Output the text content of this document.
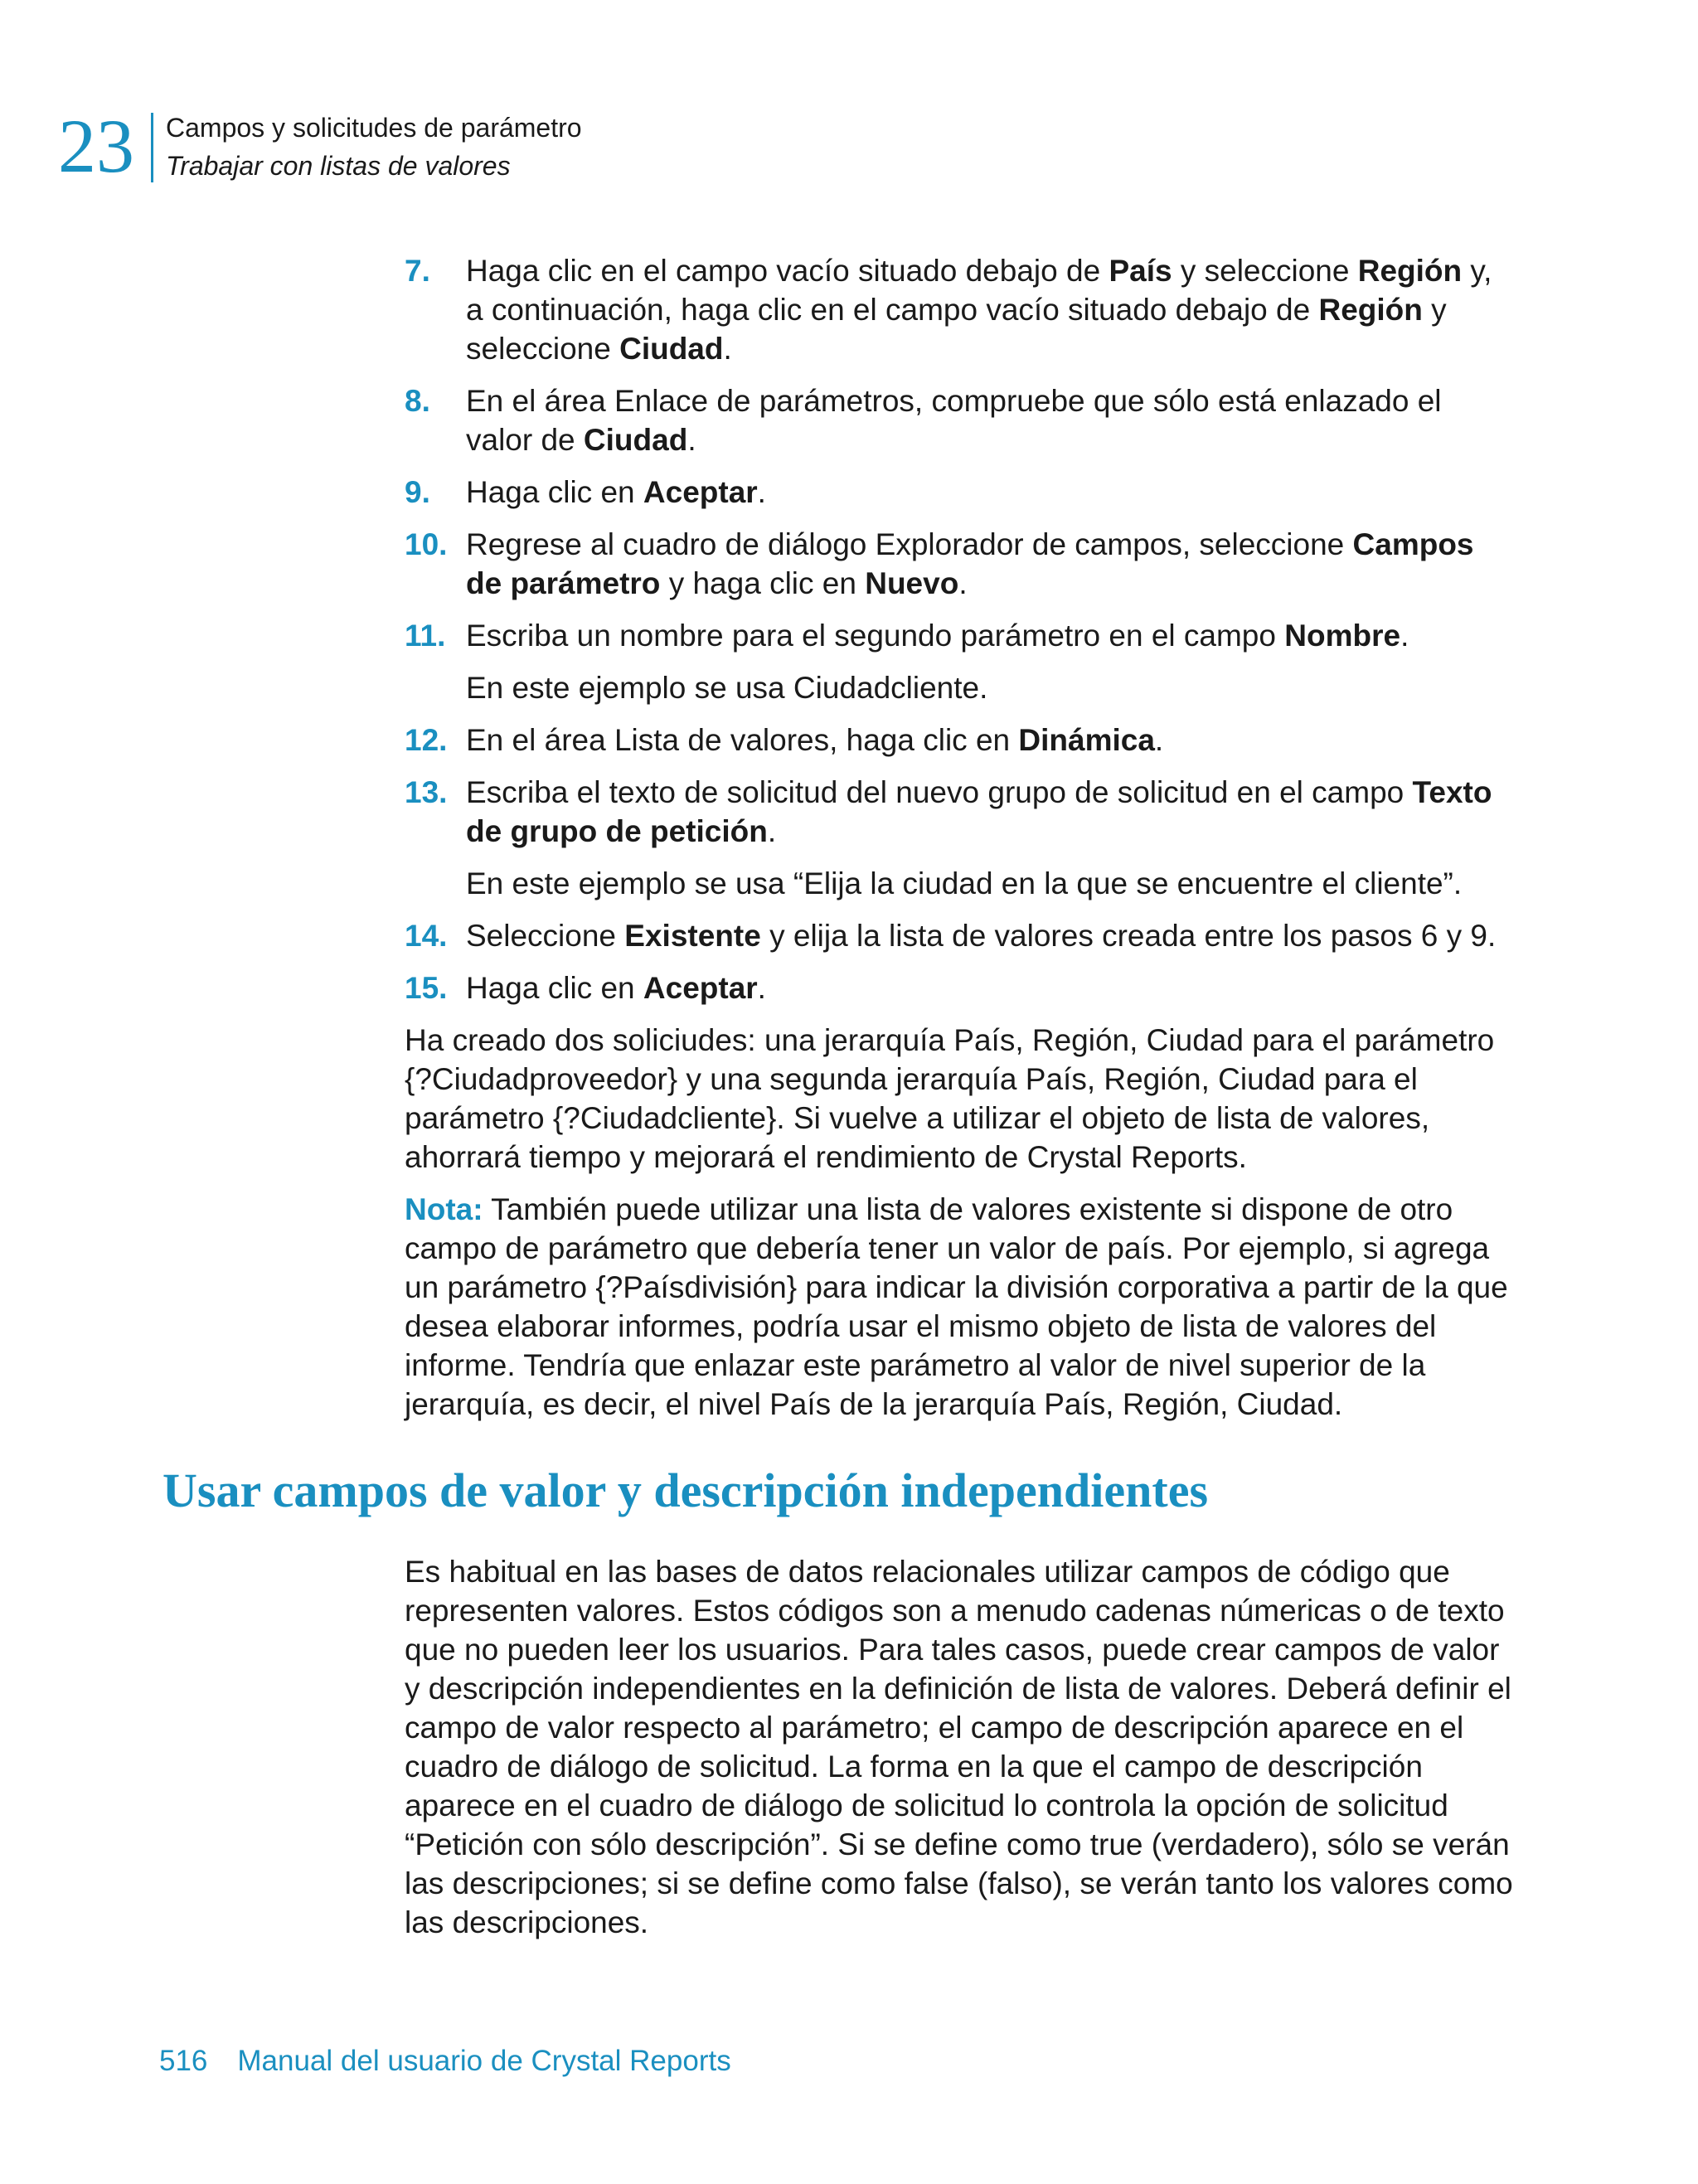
23 Campos y solicitudes de parámetro
Trabajar con listas de valores
7. Haga clic en el campo vacío situado debajo de País y seleccione Región y, a continuación, haga clic en el campo vacío situado debajo de Región y seleccione Ciudad.
8. En el área Enlace de parámetros, compruebe que sólo está enlazado el valor de Ciudad.
9. Haga clic en Aceptar.
10. Regrese al cuadro de diálogo Explorador de campos, seleccione Campos de parámetro y haga clic en Nuevo.
11. Escriba un nombre para el segundo parámetro en el campo Nombre.
En este ejemplo se usa Ciudadcliente.
12. En el área Lista de valores, haga clic en Dinámica.
13. Escriba el texto de solicitud del nuevo grupo de solicitud en el campo Texto de grupo de petición.
En este ejemplo se usa “Elija la ciudad en la que se encuentre el cliente”.
14. Seleccione Existente y elija la lista de valores creada entre los pasos 6 y 9.
15. Haga clic en Aceptar.

Ha creado dos soliciudes: una jerarquía País, Región, Ciudad para el parámetro {?Ciudadproveedor} y una segunda jerarquía País, Región, Ciudad para el parámetro {?Ciudadcliente}. Si vuelve a utilizar el objeto de lista de valores, ahorrará tiempo y mejorará el rendimiento de Crystal Reports.

Nota: También puede utilizar una lista de valores existente si dispone de otro campo de parámetro que debería tener un valor de país. Por ejemplo, si agrega un parámetro {?Paísdivisión} para indicar la división corporativa a partir de la que desea elaborar informes, podría usar el mismo objeto de lista de valores del informe. Tendría que enlazar este parámetro al valor de nivel superior de la jerarquía, es decir, el nivel País de la jerarquía País, Región, Ciudad.

Usar campos de valor y descripción independientes

Es habitual en las bases de datos relacionales utilizar campos de código que representen valores. Estos códigos son a menudo cadenas númericas o de texto que no pueden leer los usuarios. Para tales casos, puede crear campos de valor y descripción independientes en la definición de lista de valores. Deberá definir el campo de valor respecto al parámetro; el campo de descripción aparece en el cuadro de diálogo de solicitud. La forma en la que el campo de descripción aparece en el cuadro de diálogo de solicitud lo controla la opción de solicitud “Petición con sólo descripción”. Si se define como true (verdadero), sólo se verán las descripciones; si se define como false (falso), se verán tanto los valores como las descripciones.

516 Manual del usuario de Crystal Reports
